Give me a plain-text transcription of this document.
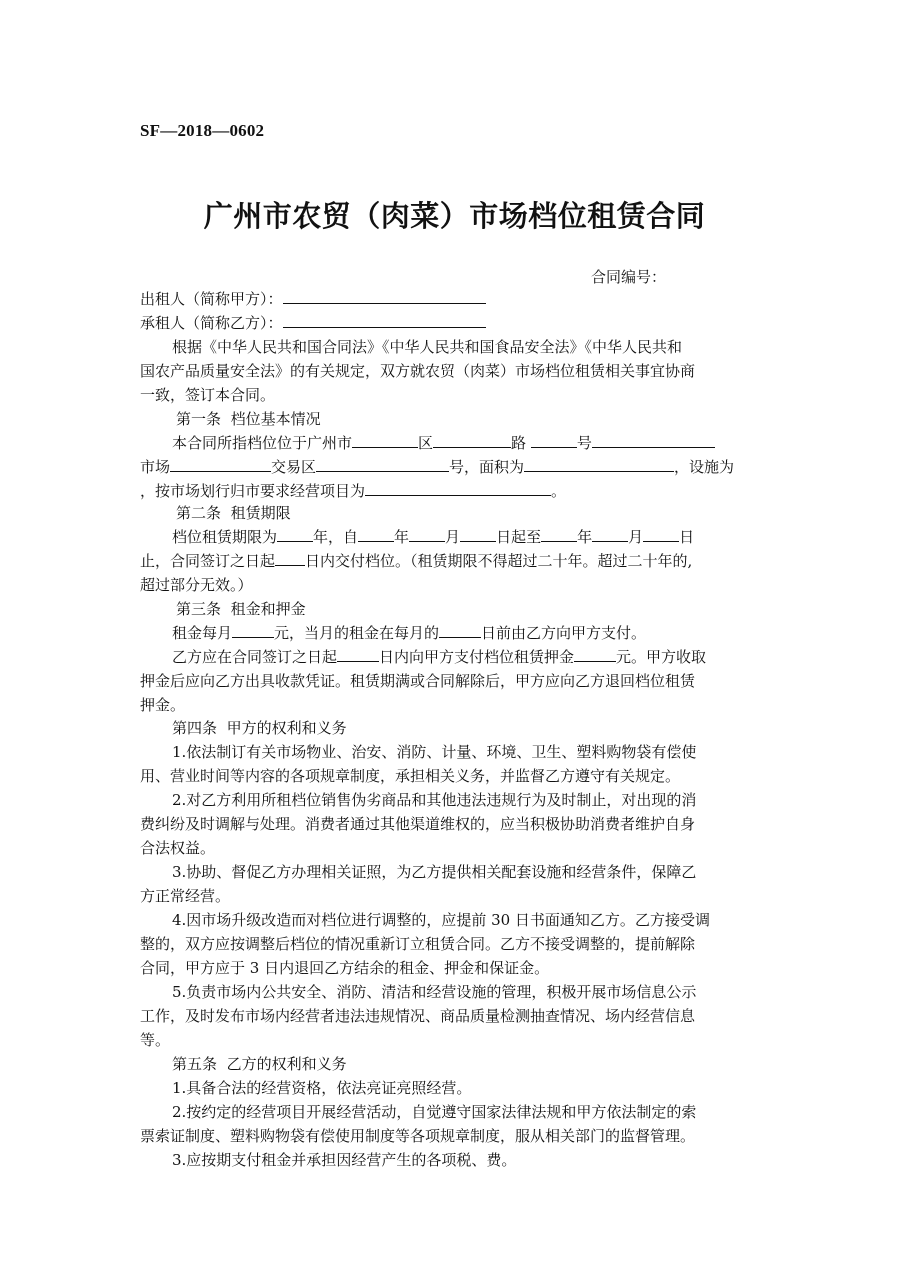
SF—2018—0602
广州市农贸（肉菜）市场档位租赁合同
合同编号：
出租人（简称甲方）：
承租人（简称乙方）：
根据《中华人民共和国合同法》《中华人民共和国食品安全法》《中华人民共和
国农产品质量安全法》的有关规定，双方就农贸（肉菜）市场档位租赁相关事宜协商
一致，签订本合同。
第一条 档位基本情况
本合同所指档位位于广州市	区	路	号
市场	交易区	号，面积为	，设施为
，按市场划行归市要求经营项目为	。
第二条 租赁期限
档位租赁期限为 年，自 年 月 日起至 年 月 日
止，合同签订之日起 日内交付档位。（租赁期限不得超过二十年。超过二十年的,
超过部分无效。）
第三条 租金和押金
租金每月	元，当月的租金在每月的	日前由乙方向甲方支付。
乙方应在合同签订之日起	日内向甲方支付档位租赁押金	元。甲方收取
押金后应向乙方出具收款凭证。租赁期满或合同解除后，甲方应向乙方退回档位租赁
押金。
第四条 甲方的权利和义务
1.依法制订有关市场物业、治安、消防、计量、环境、卫生、塑料购物袋有偿使
用、营业时间等内容的各项规章制度，承担相关义务，并监督乙方遵守有关规定。
2.对乙方利用所租档位销售伪劣商品和其他违法违规行为及时制止，对出现的消
费纠纷及时调解与处理。消费者通过其他渠道维权的，应当积极协助消费者维护自身
合法权益。
3.协助、督促乙方办理相关证照，为乙方提供相关配套设施和经营条件，保障乙
方正常经营。
4.因市场升级改造而对档位进行调整的，应提前 30 日书面通知乙方。乙方接受调
整的，双方应按调整后档位的情况重新订立租赁合同。乙方不接受调整的，提前解除
合同，甲方应于 3 日内退回乙方结余的租金、押金和保证金。
5.负责市场内公共安全、消防、清洁和经营设施的管理，积极开展市场信息公示
工作，及时发布市场内经营者违法违规情况、商品质量检测抽查情况、场内经营信息
等。
第五条 乙方的权利和义务
1.具备合法的经营资格，依法亮证亮照经营。
2.按约定的经营项目开展经营活动，自觉遵守国家法律法规和甲方依法制定的索
票索证制度、塑料购物袋有偿使用制度等各项规章制度，服从相关部门的监督管理。
3.应按期支付租金并承担因经营产生的各项税、费。
